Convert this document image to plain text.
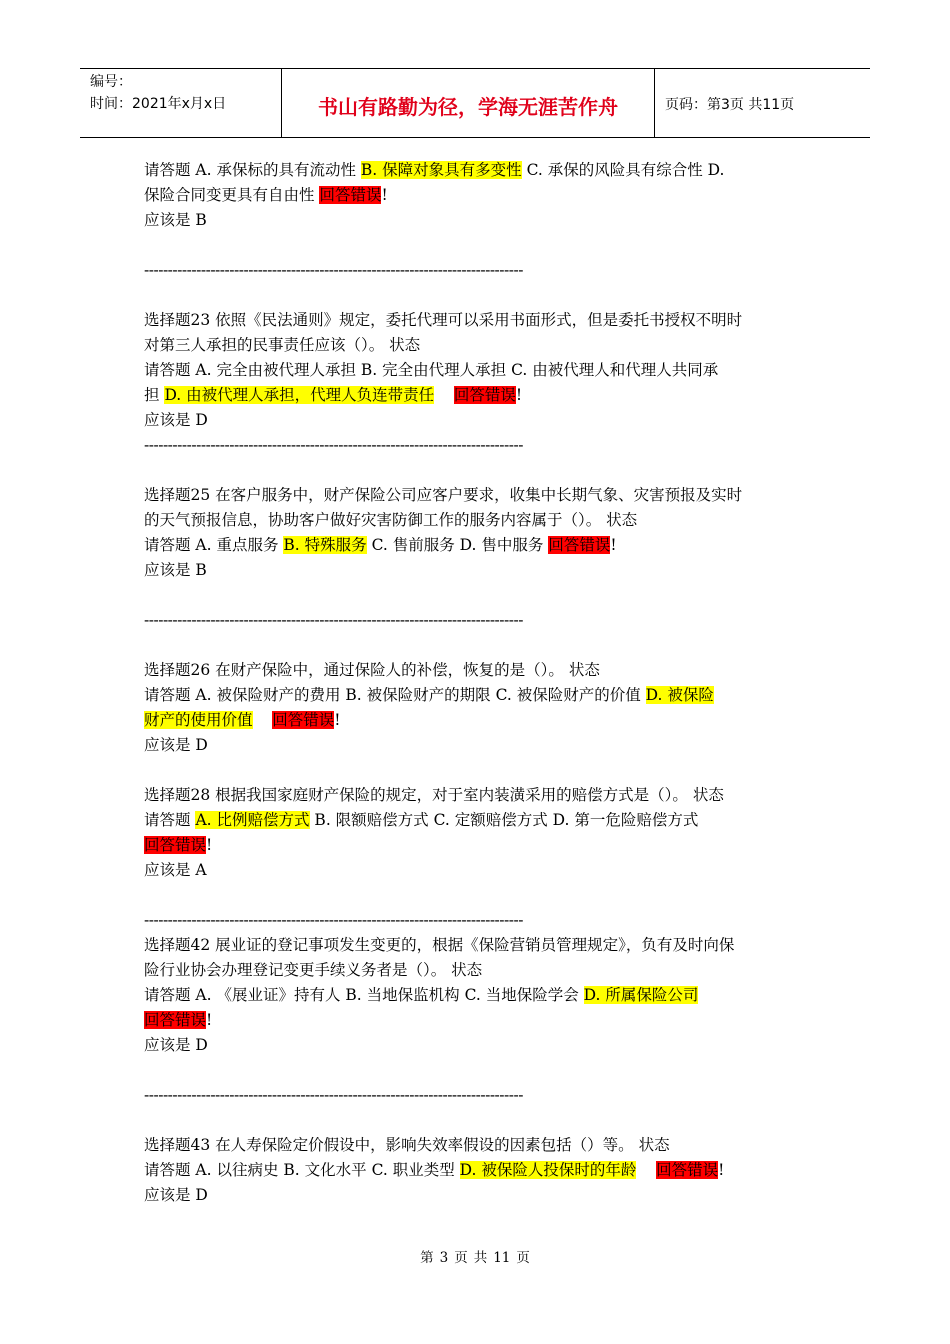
编号：
时间：2021年x月x日	书山有路勤为径，学海无涯苦作舟	页码：第3页 共11页
请答题 A. 承保标的具有流动性 B. 保障对象具有多变性 C. 承保的风险具有综合性 D.
保险合同变更具有自由性 回答错误!
应该是 B
--------------------------------------------------------------------------------
选择题23 依照《民法通则》规定，委托代理可以采用书面形式，但是委托书授权不明时
对第三人承担的民事责任应该（）。 状态
请答题 A. 完全由被代理人承担 B. 完全由代理人承担 C. 由被代理人和代理人共同承
担 D. 由被代理人承担，代理人负连带责任 回答错误!
应该是 D
--------------------------------------------------------------------------------
选择题25 在客户服务中，财产保险公司应客户要求，收集中长期气象、灾害预报及实时
的天气预报信息，协助客户做好灾害防御工作的服务内容属于（）。 状态
请答题 A. 重点服务 B. 特殊服务 C. 售前服务 D. 售中服务 回答错误!
应该是 B
--------------------------------------------------------------------------------
选择题26 在财产保险中，通过保险人的补偿，恢复的是（）。 状态
请答题 A. 被保险财产的费用 B. 被保险财产的期限 C. 被保险财产的价值 D. 被保险
财产的使用价值 回答错误!
应该是 D
选择题28 根据我国家庭财产保险的规定，对于室内装潢采用的赔偿方式是（）。 状态
请答题 A. 比例赔偿方式 B. 限额赔偿方式 C. 定额赔偿方式 D. 第一危险赔偿方式
回答错误!
应该是 A
--------------------------------------------------------------------------------
选择题42 展业证的登记事项发生变更的，根据《保险营销员管理规定》，负有及时向保
险行业协会办理登记变更手续义务者是（）。 状态
请答题 A. 《展业证》持有人 B. 当地保监机构 C. 当地保险学会 D. 所属保险公司
回答错误!
应该是 D
--------------------------------------------------------------------------------
选择题43 在人寿保险定价假设中，影响失效率假设的因素包括（）等。 状态
请答题 A. 以往病史 B. 文化水平 C. 职业类型 D. 被保险人投保时的年龄 回答错误!
应该是 D
第 3 页 共 11 页
